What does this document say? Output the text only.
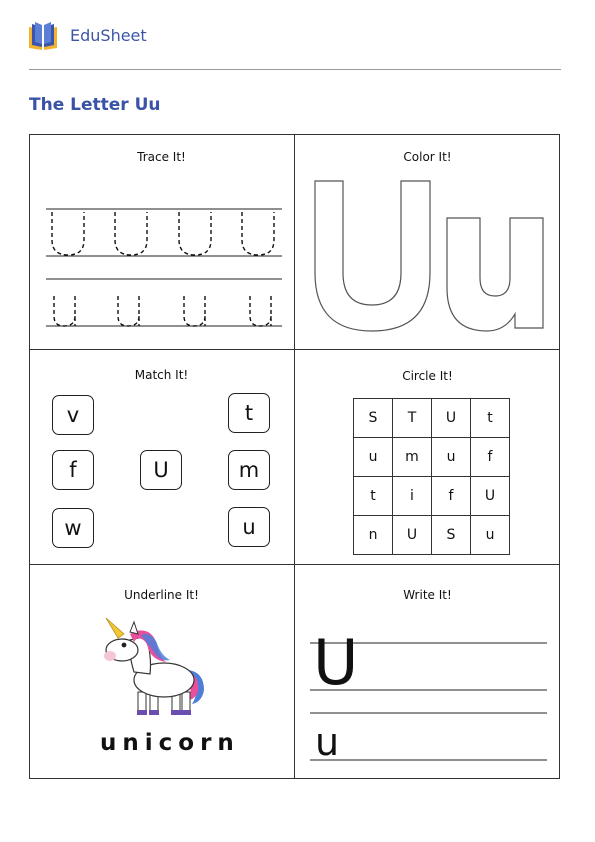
EduSheet
The Letter Uu
Trace It!	Color It!
Match It!
v
f
w
U
t
m
u
Circle It!
S	T	U	t
u	m	u	f
t	i	f	U
n	U	S	u
Underline It!
unicorn
Write It!
U
u
